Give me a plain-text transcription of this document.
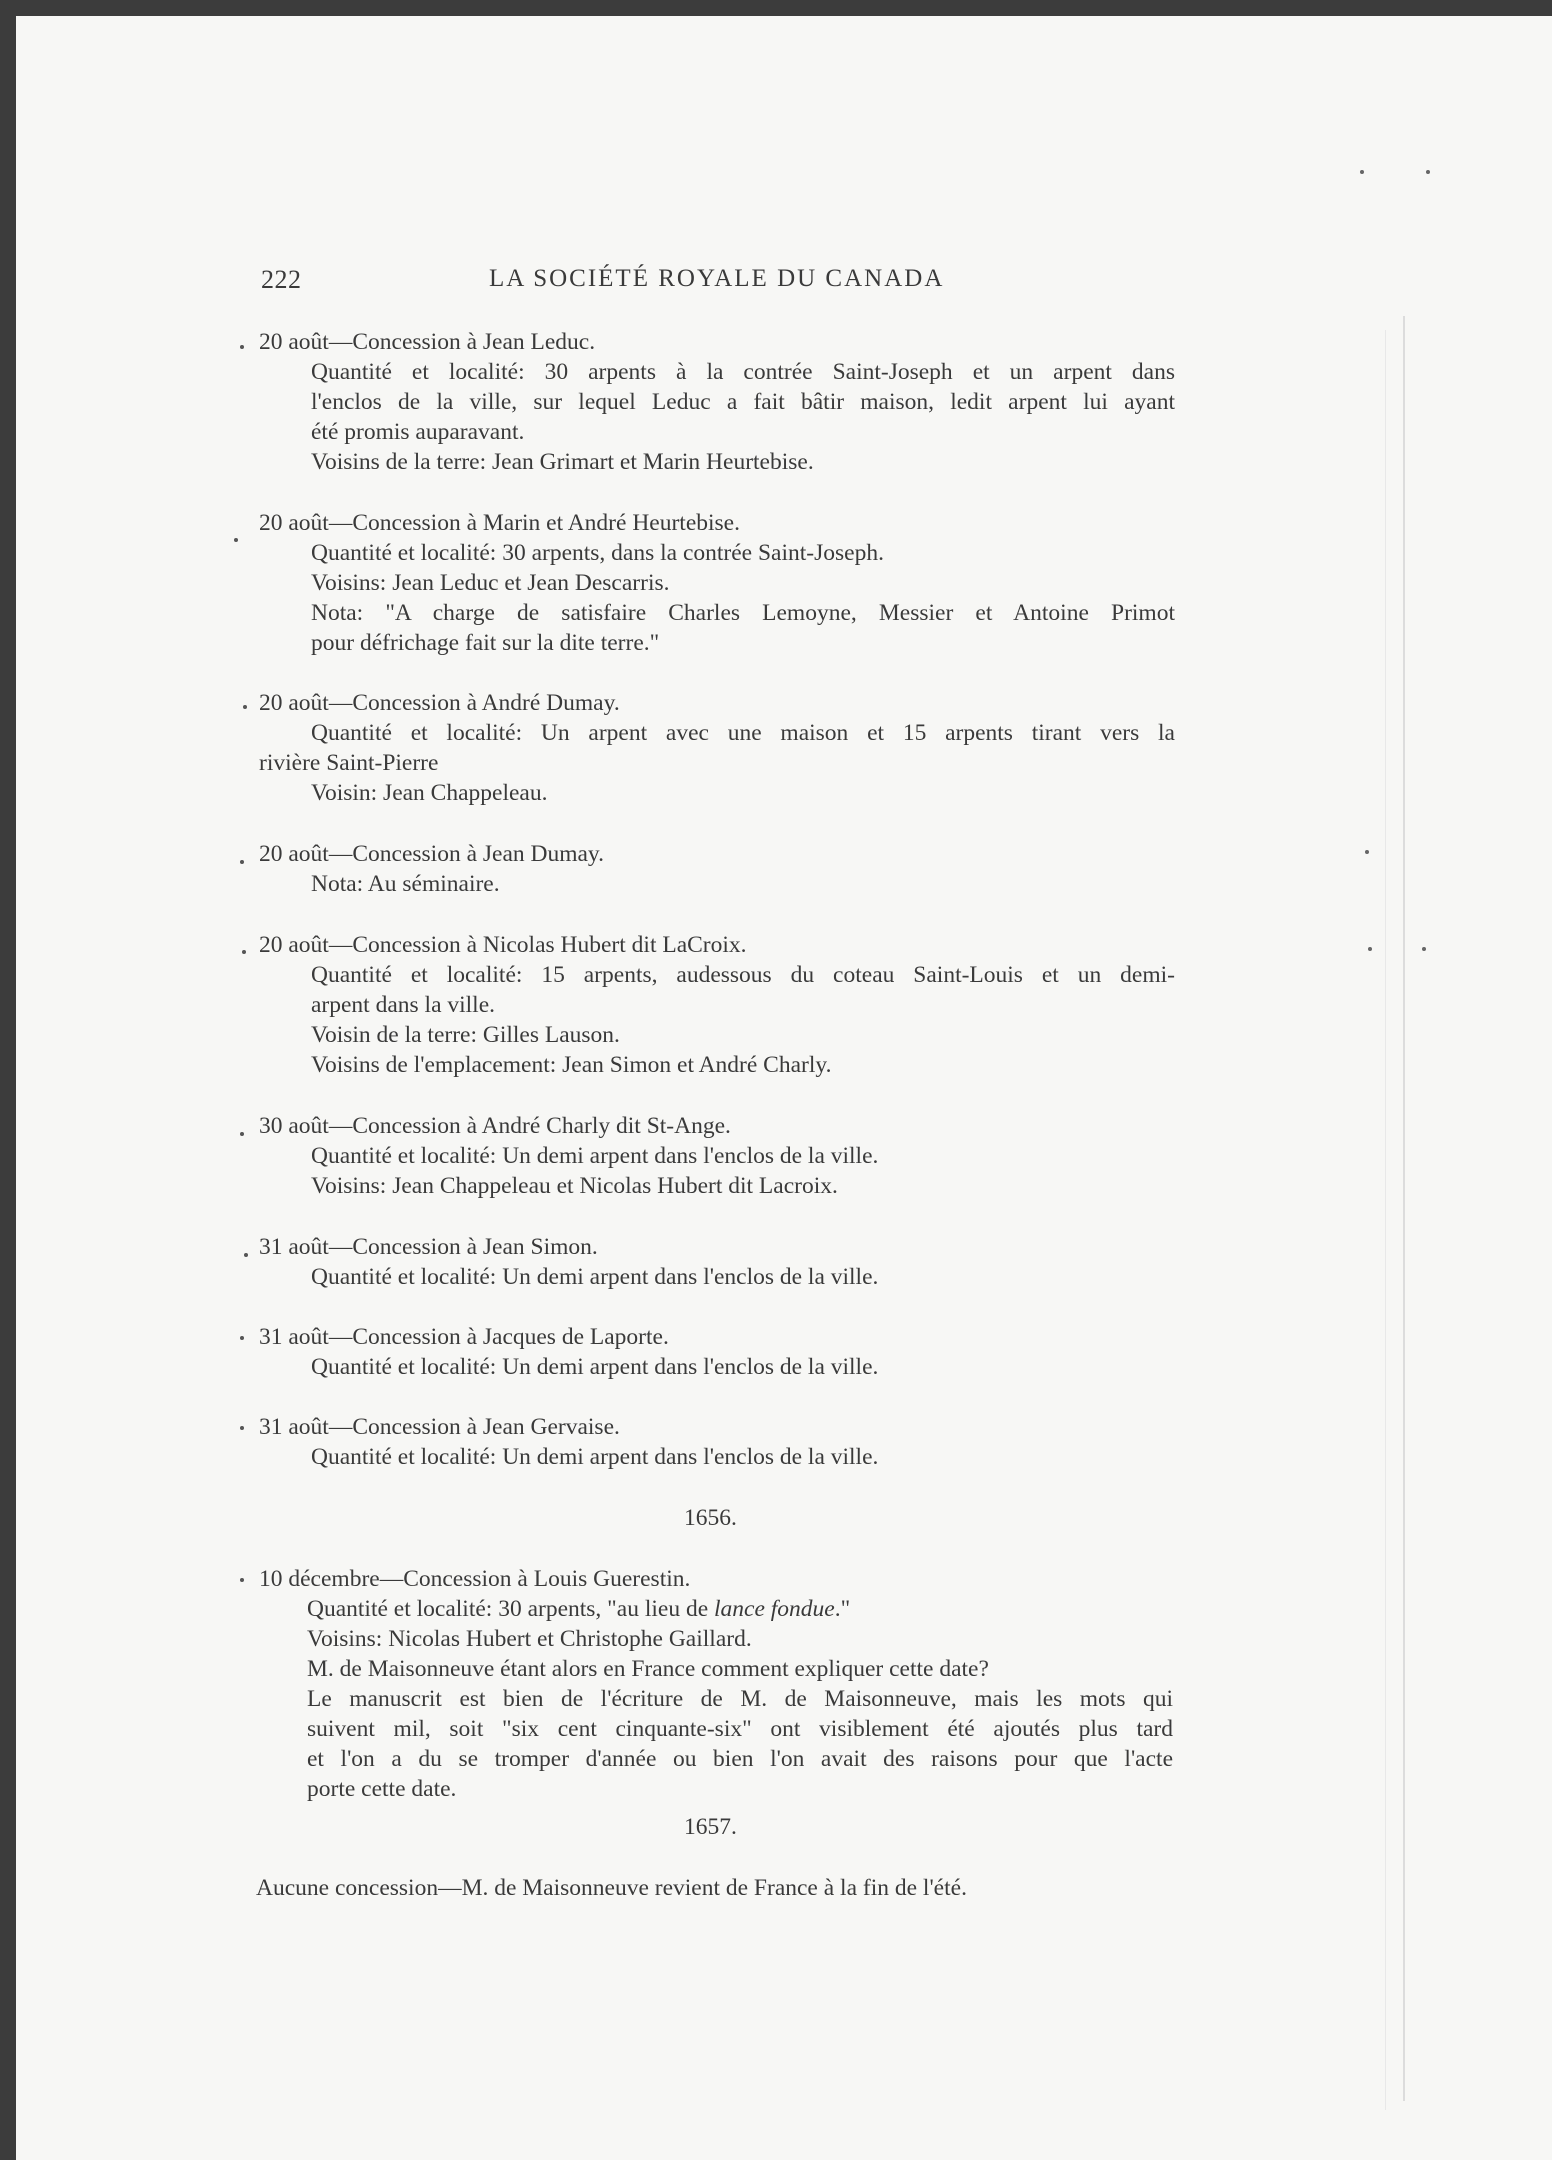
222	LA SOCIÉTÉ ROYALE DU CANADA
20 août—Concession à Jean Leduc.
Quantité et localité: 30 arpents à la contrée Saint-Joseph et un arpent dans
l'enclos de la ville, sur lequel Leduc a fait bâtir maison, ledit arpent lui ayant
été promis auparavant.
Voisins de la terre: Jean Grimart et Marin Heurtebise.
20 août—Concession à Marin et André Heurtebise.
Quantité et localité: 30 arpents, dans la contrée Saint-Joseph.
Voisins: Jean Leduc et Jean Descarris.
Nota: "A charge de satisfaire Charles Lemoyne, Messier et Antoine Primot
pour défrichage fait sur la dite terre."
20 août—Concession à André Dumay.
Quantité et localité: Un arpent avec une maison et 15 arpents tirant vers la
rivière Saint-Pierre
Voisin: Jean Chappeleau.
20 août—Concession à Jean Dumay.
Nota: Au séminaire.
20 août—Concession à Nicolas Hubert dit LaCroix.
Quantité et localité: 15 arpents, audessous du coteau Saint-Louis et un demi-
arpent dans la ville.
Voisin de la terre: Gilles Lauson.
Voisins de l'emplacement: Jean Simon et André Charly.
30 août—Concession à André Charly dit St-Ange.
Quantité et localité: Un demi arpent dans l'enclos de la ville.
Voisins: Jean Chappeleau et Nicolas Hubert dit Lacroix.
31 août—Concession à Jean Simon.
Quantité et localité: Un demi arpent dans l'enclos de la ville.
31 août—Concession à Jacques de Laporte.
Quantité et localité: Un demi arpent dans l'enclos de la ville.
31 août—Concession à Jean Gervaise.
Quantité et localité: Un demi arpent dans l'enclos de la ville.
1656.
10 décembre—Concession à Louis Guerestin.
Quantité et localité: 30 arpents, "au lieu de lance fondue."
Voisins: Nicolas Hubert et Christophe Gaillard.
M. de Maisonneuve étant alors en France comment expliquer cette date?
Le manuscrit est bien de l'écriture de M. de Maisonneuve, mais les mots qui
suivent mil, soit "six cent cinquante-six" ont visiblement été ajoutés plus tard
et l'on a du se tromper d'année ou bien l'on avait des raisons pour que l'acte
porte cette date.
1657.
Aucune concession—M. de Maisonneuve revient de France à la fin de l'été.
